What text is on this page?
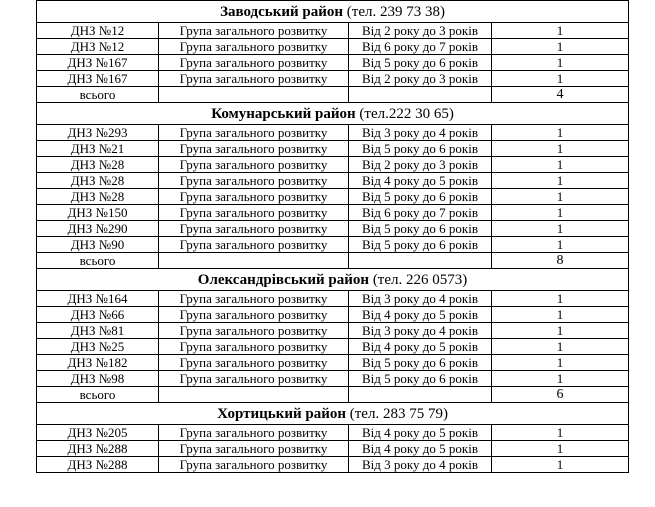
Заводський район (тел. 239 73 38)			
ДНЗ №12	Група загального розвитку	Від 2 року до 3 років	1
ДНЗ №12	Група загального розвитку	Від 6 року до 7 років	1
ДНЗ №167	Група загального розвитку	Від 5 року до 6 років	1
ДНЗ №167	Група загального розвитку	Від 2 року до 3 років	1
всього			4
Комунарський район (тел.222 30 65)			
ДНЗ №293	Група загального розвитку	Від 3 року до 4 років	1
ДНЗ №21	Група загального розвитку	Від 5 року до 6 років	1
ДНЗ №28	Група загального розвитку	Від 2 року до 3 років	1
ДНЗ №28	Група загального розвитку	Від 4 року до 5 років	1
ДНЗ №28	Група загального розвитку	Від 5 року до 6 років	1
ДНЗ №150	Група загального розвитку	Від 6 року до 7 років	1
ДНЗ №290	Група загального розвитку	Від 5 року до 6 років	1
ДНЗ №90	Група загального розвитку	Від 5 року до 6 років	1
всього			8
Олександрівський район (тел. 226 0573)			
ДНЗ №164	Група загального розвитку	Від 3 року до 4 років	1
ДНЗ №66	Група загального розвитку	Від 4 року до 5 років	1
ДНЗ №81	Група загального розвитку	Від 3 року до 4 років	1
ДНЗ №25	Група загального розвитку	Від 4 року до 5 років	1
ДНЗ №182	Група загального розвитку	Від 5 року до 6 років	1
ДНЗ №98	Група загального розвитку	Від 5 року до 6 років	1
всього			6
Хортицький район (тел. 283 75 79)			
ДНЗ №205	Група загального розвитку	Від 4 року до 5 років	1
ДНЗ №288	Група загального розвитку	Від 4 року до 5 років	1
ДНЗ №288	Група загального розвитку	Від 3 року до 4 років	1
